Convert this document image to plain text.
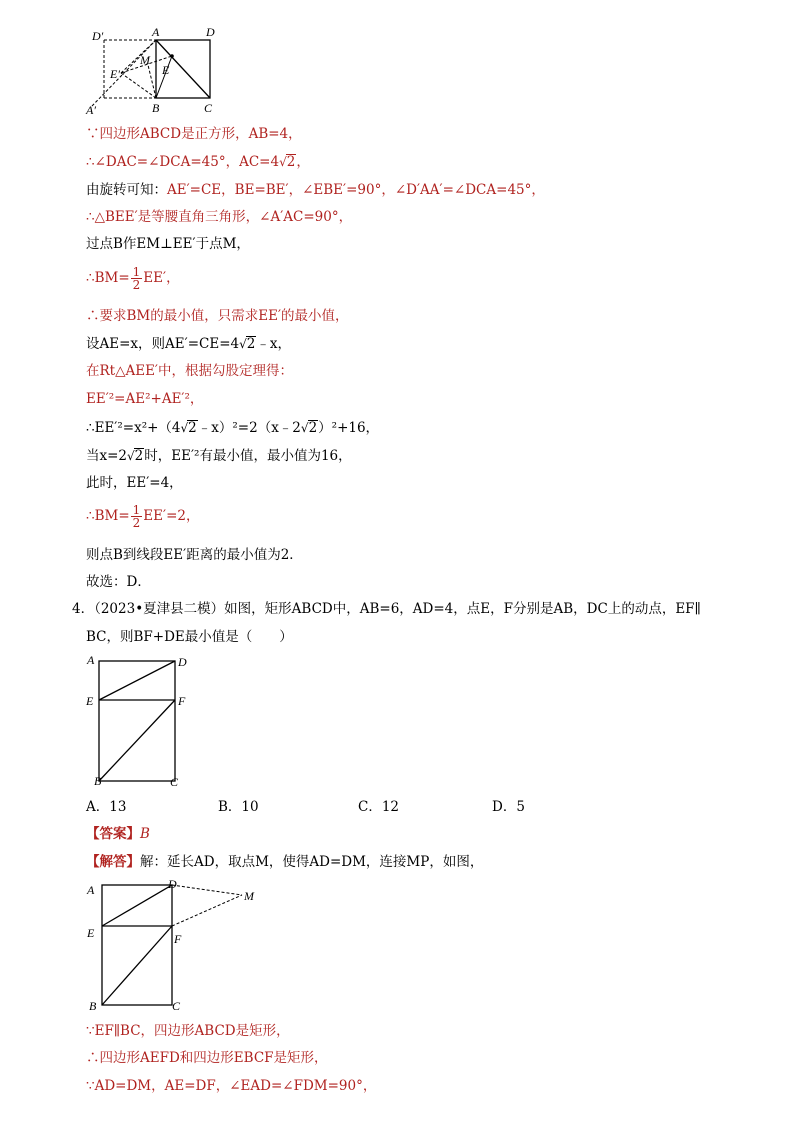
D′	A	D
M
E′	E
A′	B	C
∵四边形ABCD是正方形，AB=4，
∴∠DAC=∠DCA=45°，AC=4√2，
由旋转可知：AE′=CE，BE=BE′，∠EBE′=90°，∠D′AA′=∠DCA=45°，
∴△BEE′是等腰直角三角形，∠A′AC=90°，
过点B作EM⊥EE′于点M，
∴BM= $\frac{1}{2} EE'$，
∴要求BM的最小值，只需求EE′的最小值，
设AE=x，则AE′=CE=4√2﹣x，
在Rt△AEE′中，根据勾股定理得：
EE′²=AE²+AE′²，
∴EE′²=x²+（4√2﹣x）²=2（x﹣2√2）²+16，
当x=2√2时，EE′²有最小值，最小值为16，
此时，EE′=4，
∴BM= $\frac{1}{2} EE'=2$，
则点B到线段EE′距离的最小值为2．
故选：D．
4．（2023•夏津县二模）如图，矩形ABCD中，AB=6，AD=4，点E，F分别是AB，DC上的动点，EF∥
BC，则BF+DE最小值是（　　）
A	D
E	F
B	C
A．13	B．10	C．12	D．5
【答案】B
【解答】解：延长AD，取点M，使得AD=DM，连接MP，如图，
A	D
M
E	F
B	C
∵EF∥BC，四边形ABCD是矩形，
∴四边形AEFD和四边形EBCF是矩形，
∵AD=DM，AE=DF，∠EAD=∠FDM=90°，
